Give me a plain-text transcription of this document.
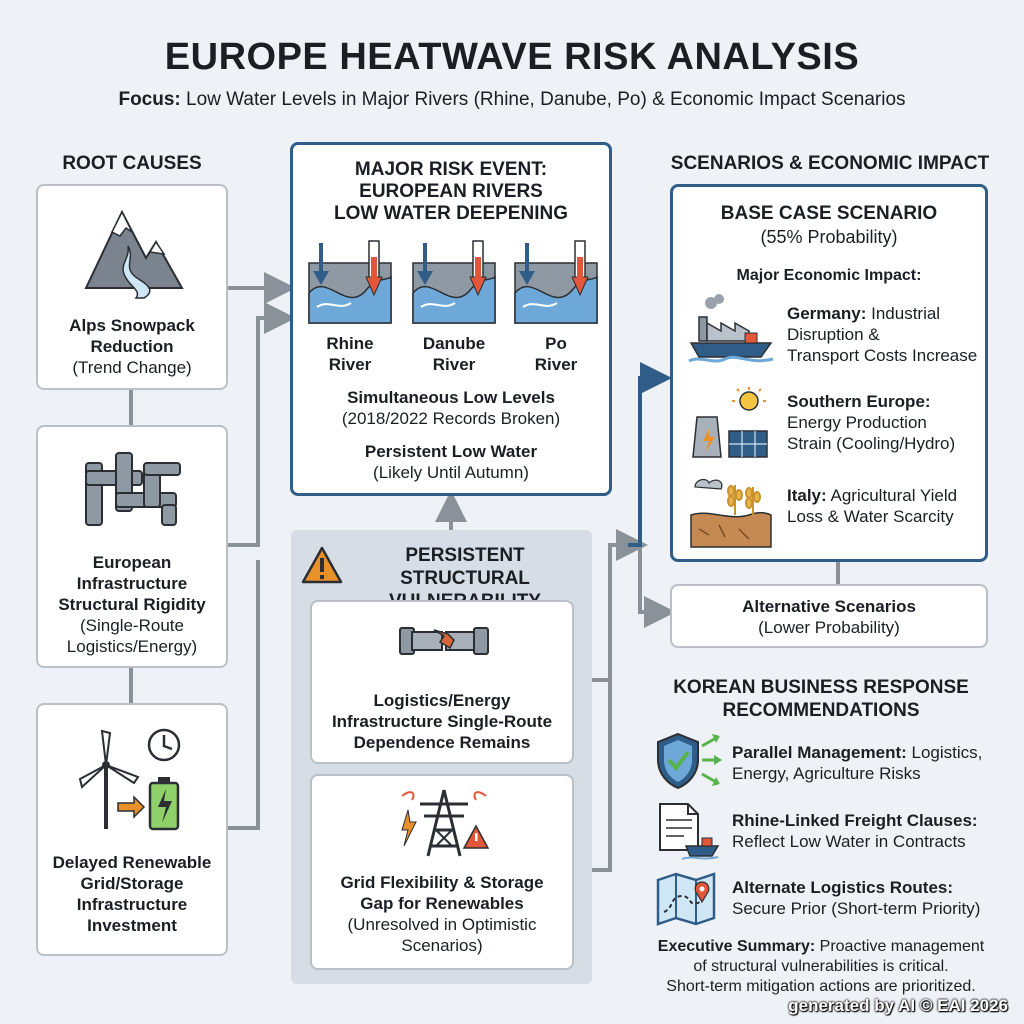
EUROPE HEATWAVE RISK ANALYSIS
Focus: Low Water Levels in Major Rivers (Rhine, Danube, Po) & Economic Impact Scenarios
ROOT CAUSES
Alps Snowpack
Reduction
(Trend Change)
European
Infrastructure
Structural Rigidity
(Single-Route
Logistics/Energy)
Delayed Renewable
Grid/Storage
Infrastructure
Investment
MAJOR RISK EVENT:
EUROPEAN RIVERS
LOW WATER DEEPENING
Rhine
River
Danube
River
Po
River
Simultaneous Low Levels
(2018/2022 Records Broken)
Persistent Low Water
(Likely Until Autumn)
PERSISTENT STRUCTURAL
Logistics/Energy
Infrastructure Single-Route
Dependence Remains
Grid Flexibility & Storage
Gap for Renewables
(Unresolved in Optimistic
Scenarios)
SCENARIOS & ECONOMIC IMPACT
BASE CASE SCENARIO
(55% Probability)
Major Economic Impact:
Germany: Industrial
Disruption &
Transport Costs Increase
Southern Europe:
Energy Production
Strain (Cooling/Hydro)
Italy: Agricultural Yield
Loss & Water Scarcity
Alternative Scenarios
(Lower Probability)
KOREAN BUSINESS RESPONSE
RECOMMENDATIONS
Parallel Management: Logistics,
Energy, Agriculture Risks
Rhine-Linked Freight Clauses:
Reflect Low Water in Contracts
Alternate Logistics Routes:
Secure Prior (Short-term Priority)
Executive Summary: Proactive management
of structural vulnerabilities is critical.
Short-term mitigation actions are prioritized.
generated by AI © EAI 2026
